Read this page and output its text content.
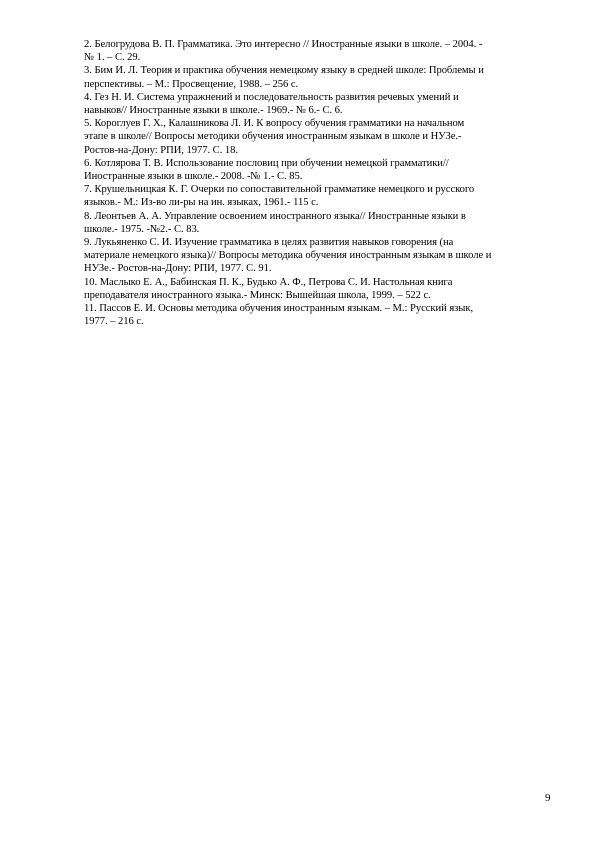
2. Белогрудова В. П. Грамматика. Это интересно // Иностранные языки в школе. – 2004. -
№ 1. – С. 29.
3. Бим И. Л. Теория и практика обучения немецкому языку в средней школе: Проблемы и
перспективы. – М.: Просвещение, 1988. – 256 с.
4. Гез Н. И. Система упражнений и последовательность развития речевых умений и
навыков// Иностранные языки в школе.- 1969.- № 6.- С. 6.
5. Короглуев Г. Х., Калашникова Л. И. К вопросу обучения грамматики на начальном
этапе в школе// Вопросы методики обучения иностранным языкам в школе и НУЗе.-
Ростов-на-Дону: РПИ, 1977. С. 18.
6. Котлярова Т. В. Использование пословиц при обучении немецкой грамматики//
Иностранные языки в школе.- 2008. -№ 1.- С. 85.
7. Крушельницкая К. Г. Очерки по сопоставительной грамматике немецкого и русского
языков.- М.: Из-во ли-ры на ин. языках, 1961.- 115 с.
8. Леонтьев А. А. Управление освоением иностранного языка// Иностранные языки в
школе.- 1975. -№2.- С. 83.
9. Лукьяненко С. И. Изучение грамматика в целях развития навыков говорения (на
материале немецкого языка)// Вопросы методика обучения иностранным языкам в школе и
НУЗе.- Ростов-на-Дону: РПИ, 1977. С. 91.
10. Маслыко Е. А., Бабинская П. К., Будько А. Ф., Петрова С. И. Настольная книга
преподавателя иностранного языка.- Минск: Вышейшая школа, 1999. – 522 с.
11. Пассов Е. И. Основы методика обучения иностранным языкам. – М.: Русский язык,
1977. – 216 с.
9
